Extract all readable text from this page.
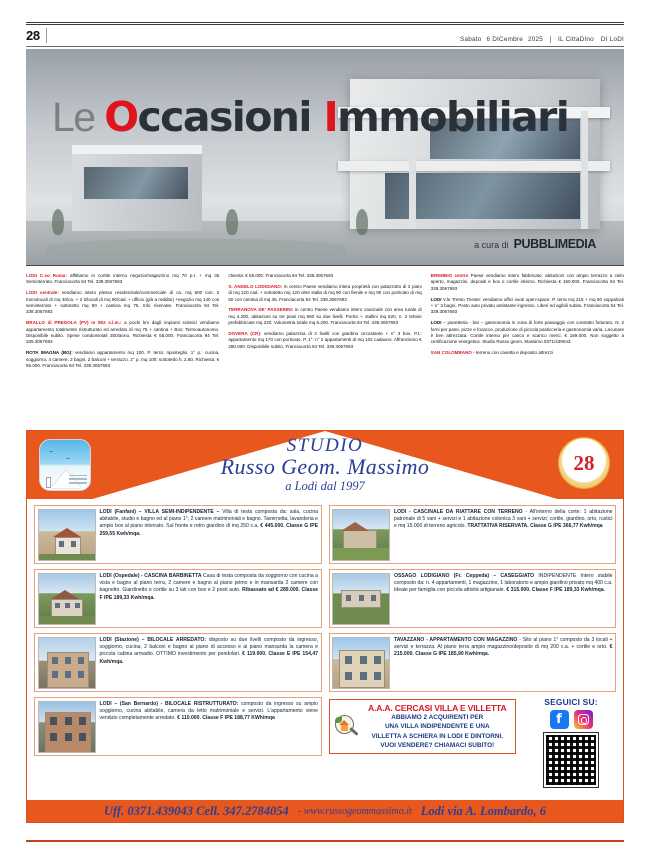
28	Sabato 6 DICembre 2025 IL CittaDIno DI LoDI
Le Occasioni Immobiliari
a cura di PUBBLIMEDIA

LODI C.so Roma: affittiamo in cortile interno negozio/magazzino mq 70 p.t. + mq 36 Seminterrato. Franciacorta 94 Tel. 339.3067693

LODI centrale: vendiamo intero plesso residenziale/commerciale di ca. mq 600 con: 2 monolocali di mq 40/ca. + 2 trilocali di mq 90/cad. + ufficio (già a reddito) +negozio mq 140 con seminterrato + sottotetto mq 90 + cantina mq 75. Info riservate. Franciacorta 94 Tel. 339.3067693

BRALLO di PREGOLA (PV) m 952 s.l.m.: a pochi km dagli impianti sciistici vendiamo appartamento totalmente ristrutturato ed arredato di mq 75 + cantina + Box; Termoautonomo. Disponibile subito. Spese condominiali 350/anno. Richiesta € 55.000. Franciacorta 94 Tel. 339.3067693

ROTA IMAGNA (BG): vendiamo appartamento mq 100. P. terra: riposteglio. 1° p.: cucina, soggiorno, 4 camere, 2 bagni, 2 balconi + terrazzo. 2° p. mq 100: sottotetto h. 2.80. Richiesta: € 55.000. Franciacorta 94 Tel. 339.3067693

chiesta: € 55.000. Franciacorta 94 Tel. 339.3067693

S. ANGELO LODIGIANO: in centro Paese vendiamo intera proprietà con palazzotto di 2 piani di mq 120 cad. + sottotetto mq 120 oltre stalla di mq 90 con fienile e mq 90 con porticato di mq 50 con cantina di mq 35. Franciacorta 94 Tel. 339.3067693

TERRANOVA DE' PASSERINI: in centro Paese vendiamo intero cascinale con area rurale di mq 4.200, abitazioni su tre piani mq 560 su due livelli. Portici + stallini mq 520, n. 2 tettoie prefabbricate mq 220. Volumetria totale mq 6.200. Franciacorta 94 Tel. 339.3067693

DOVERA (CR): vendiamo palazzina di 2 livelli con giardino circostante + n° 3 box. P.t.: appartamento mq 170 con porticato. P. 1°: n° 2 appartamenti di mq 102 cadauno. Affrancismo € 280.000. Disponibile subito. Franciacorta 94 Tel. 339.3067693

BREMBIO centro Paese vendiamo intero fabbricato: abitazioni con ampio terrazzo a cielo aperto, magazzini, depositi e box e cortile interno. Richiesta € 150.000. Franciacorta 94 Tel. 339.3067693

LODI V.le Trento Trieste: vendiamo uffici vuoti open-space. P. terra mq 215 + mq 50 soppalcati + n° 3 bagni. Posto auto privato antistante ingresso. Liberi ed agibili subito. Franciacorta 94 Tel. 339.3067693

LODI – panetteria - bar – gastronomia in zona di forte passaggio con contratto futturato. N. 2 forni per pane, pizze e focacce, produzione di piccola pasticceria e gastronomia varia. Lacunare è ben attrezzata. Cortile interno per carico e scarico merci. € 169.000. Non soggetto a certificazione energetica. Studio Russo geom. Massimo 0371/439043.

SAN COLOMBANO - terreno con casetta e deposito attrezzi

~
~
STUDIO
Russo Geom. Massimo
a Lodi dal 1997
28
LODI (Fanfani) – VILLA SEMI-INDIPENDENTE – Villa di testa composta da: sala, cucina abitabile, studio e bagno ed al piano 1°, 2 camere matrimoniali e bagno. Tavernetta, lavanderia e ampio box al piano interrato. Sul fronte e retro giardino di mq 250 c.a. € 445.000. Classe G IPE 259,55 Kwh/mqa.
LODI (Ospedale) - CASCINA BARBINETTA Casa di testa composta da soggiorno con cucina a vista e bagno al piano terra, 2 camere e bagno al piano primo e in mansarda 2 camere con bagnetto. Giardinetto e cortile su 3 lati con box e 2 posti auto. Ribassato ad € 289.000. Classe F IPE 189,33 Kwh/mqa.
LODI (Stazione) – BILOCALE ARREDATO: disposto su due livelli composto da ingresso, soggiorno, cucina, 2 balconi e bagno al piano di accesso e al piano mansarda la camera e piccola cabina armadio. OTTIMO investimento per pendolari. € 119.000. Classe E IPE 154,47 Kwh/mqa.
LODI – (San Bernardo) - BILOCALE RISTRUTTURATO: composto da ingresso su ampio soggiorno, cucina abitabile, camera da letto matrimoniale e servizi. L'appartamento viene venduto completamente arredato. € 110.000. Classe F IPE 188,77 KWh/mqa
LODI - CASCINALE DA RIATTARE CON TERRENO - All'interno della corte: 1 abitazione patronale di 5 vani + servizi e 1 abitazione colonica 3 vani + servizi; cortile, giardino, orto, rustici e mq 15.000 di terreno agricolo. TRATTATIVA RISERVATA. Classe G IPE 366,77 Kwh/mqa
OSSAGO LODIGIANO (Fr. Ceppeda) – CASEGGIATO INDIPENDENTE Intero stabile composto da: n. 4 appartamenti, 1 magazzino, 1 laboratorio e ampio giardino privato mq 400 c.a. Ideale per famiglia con piccola attività artigianale. € 315.000. Classe F IPE 189,33 Kwh/mqa.
TAVAZZANO - APPARTAMENTO CON MAGAZZINO - Sito al piano 1° composto da 3 locali + servizi e terrazza. Al piano terra ampio magazzino/deposito di mq 200 c.a. + cortile e orto. € 215.000. Classe G IPE 185,90 Kwh/mqa.
A.A.A. CERCASI VILLA E VILLETTA
ABBIAMO 2 ACQUIRENTI PER
UNA VILLA INDIPENDENTE E UNA
VILLETTA A SCHIERA IN LODI E DINTORNI.
VUOI VENDERE? CHIAMACI SUBITO!
SEGUICI SU:
f
Uff. 0371.439043 Cell. 347.2784054 - www.russogeommassimo.it Lodi via A. Lombardo, 6
